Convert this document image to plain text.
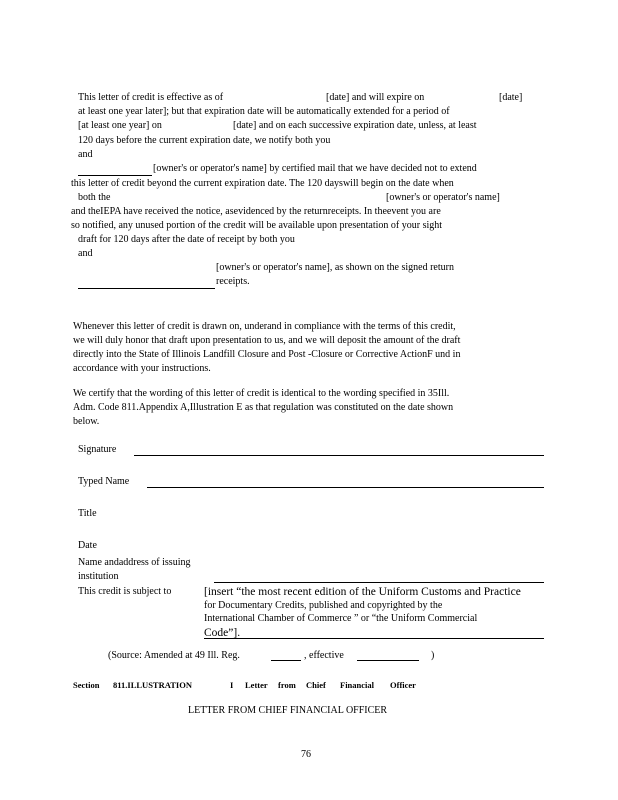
This letter of credit is effective as of	[date] and will expire on	[date]
at least one year later]; but that expiration date will be automatically extended for a period of
[at least one year] on	[date] and on each successive expiration date, unless, at least
120 days before the current expiration date, we notify both you
and
[owner's or operator's name] by certified mail that we have decided not to extend
this letter of credit beyond the current expiration date. The 120 dayswill begin on the date when
both the	[owner's or operator's name]
and theIEPA have received the notice, asevidenced by the returnreceipts. In theevent you are
so notified, any unused portion of the credit will be available upon presentation of your sight
draft for 120 days after the date of receipt by both you
and
[owner's or operator's name], as shown on the signed return
receipts.
Whenever this letter of credit is drawn on, underand in compliance with the terms of this credit,
we will duly honor that draft upon presentation to us, and we will deposit the amount of the draft
directly into the State of Illinois Landfill Closure and Post -Closure or Corrective ActionF und in
accordance with your instructions.
We certify that the wording of this letter of credit is identical to the wording specified in 35Ill.
Adm. Code 811.Appendix A,Illustration E as that regulation was constituted on the date shown
below.
Signature
Typed Name
Title
Date
Name andaddress of issuing
institution
This credit is subject to	[insert “the most recent edition of the Uniform Customs and Practice
for Documentary Credits, published and copyrighted by the
International Chamber of Commerce ” or “the Uniform Commercial
Code”].
(Source: Amended at 49 Ill. Reg.	, effective	)
Section 811.ILLUSTRATION	I Letter from Chief Financial Officer
LETTER FROM CHIEF FINANCIAL OFFICER
76
